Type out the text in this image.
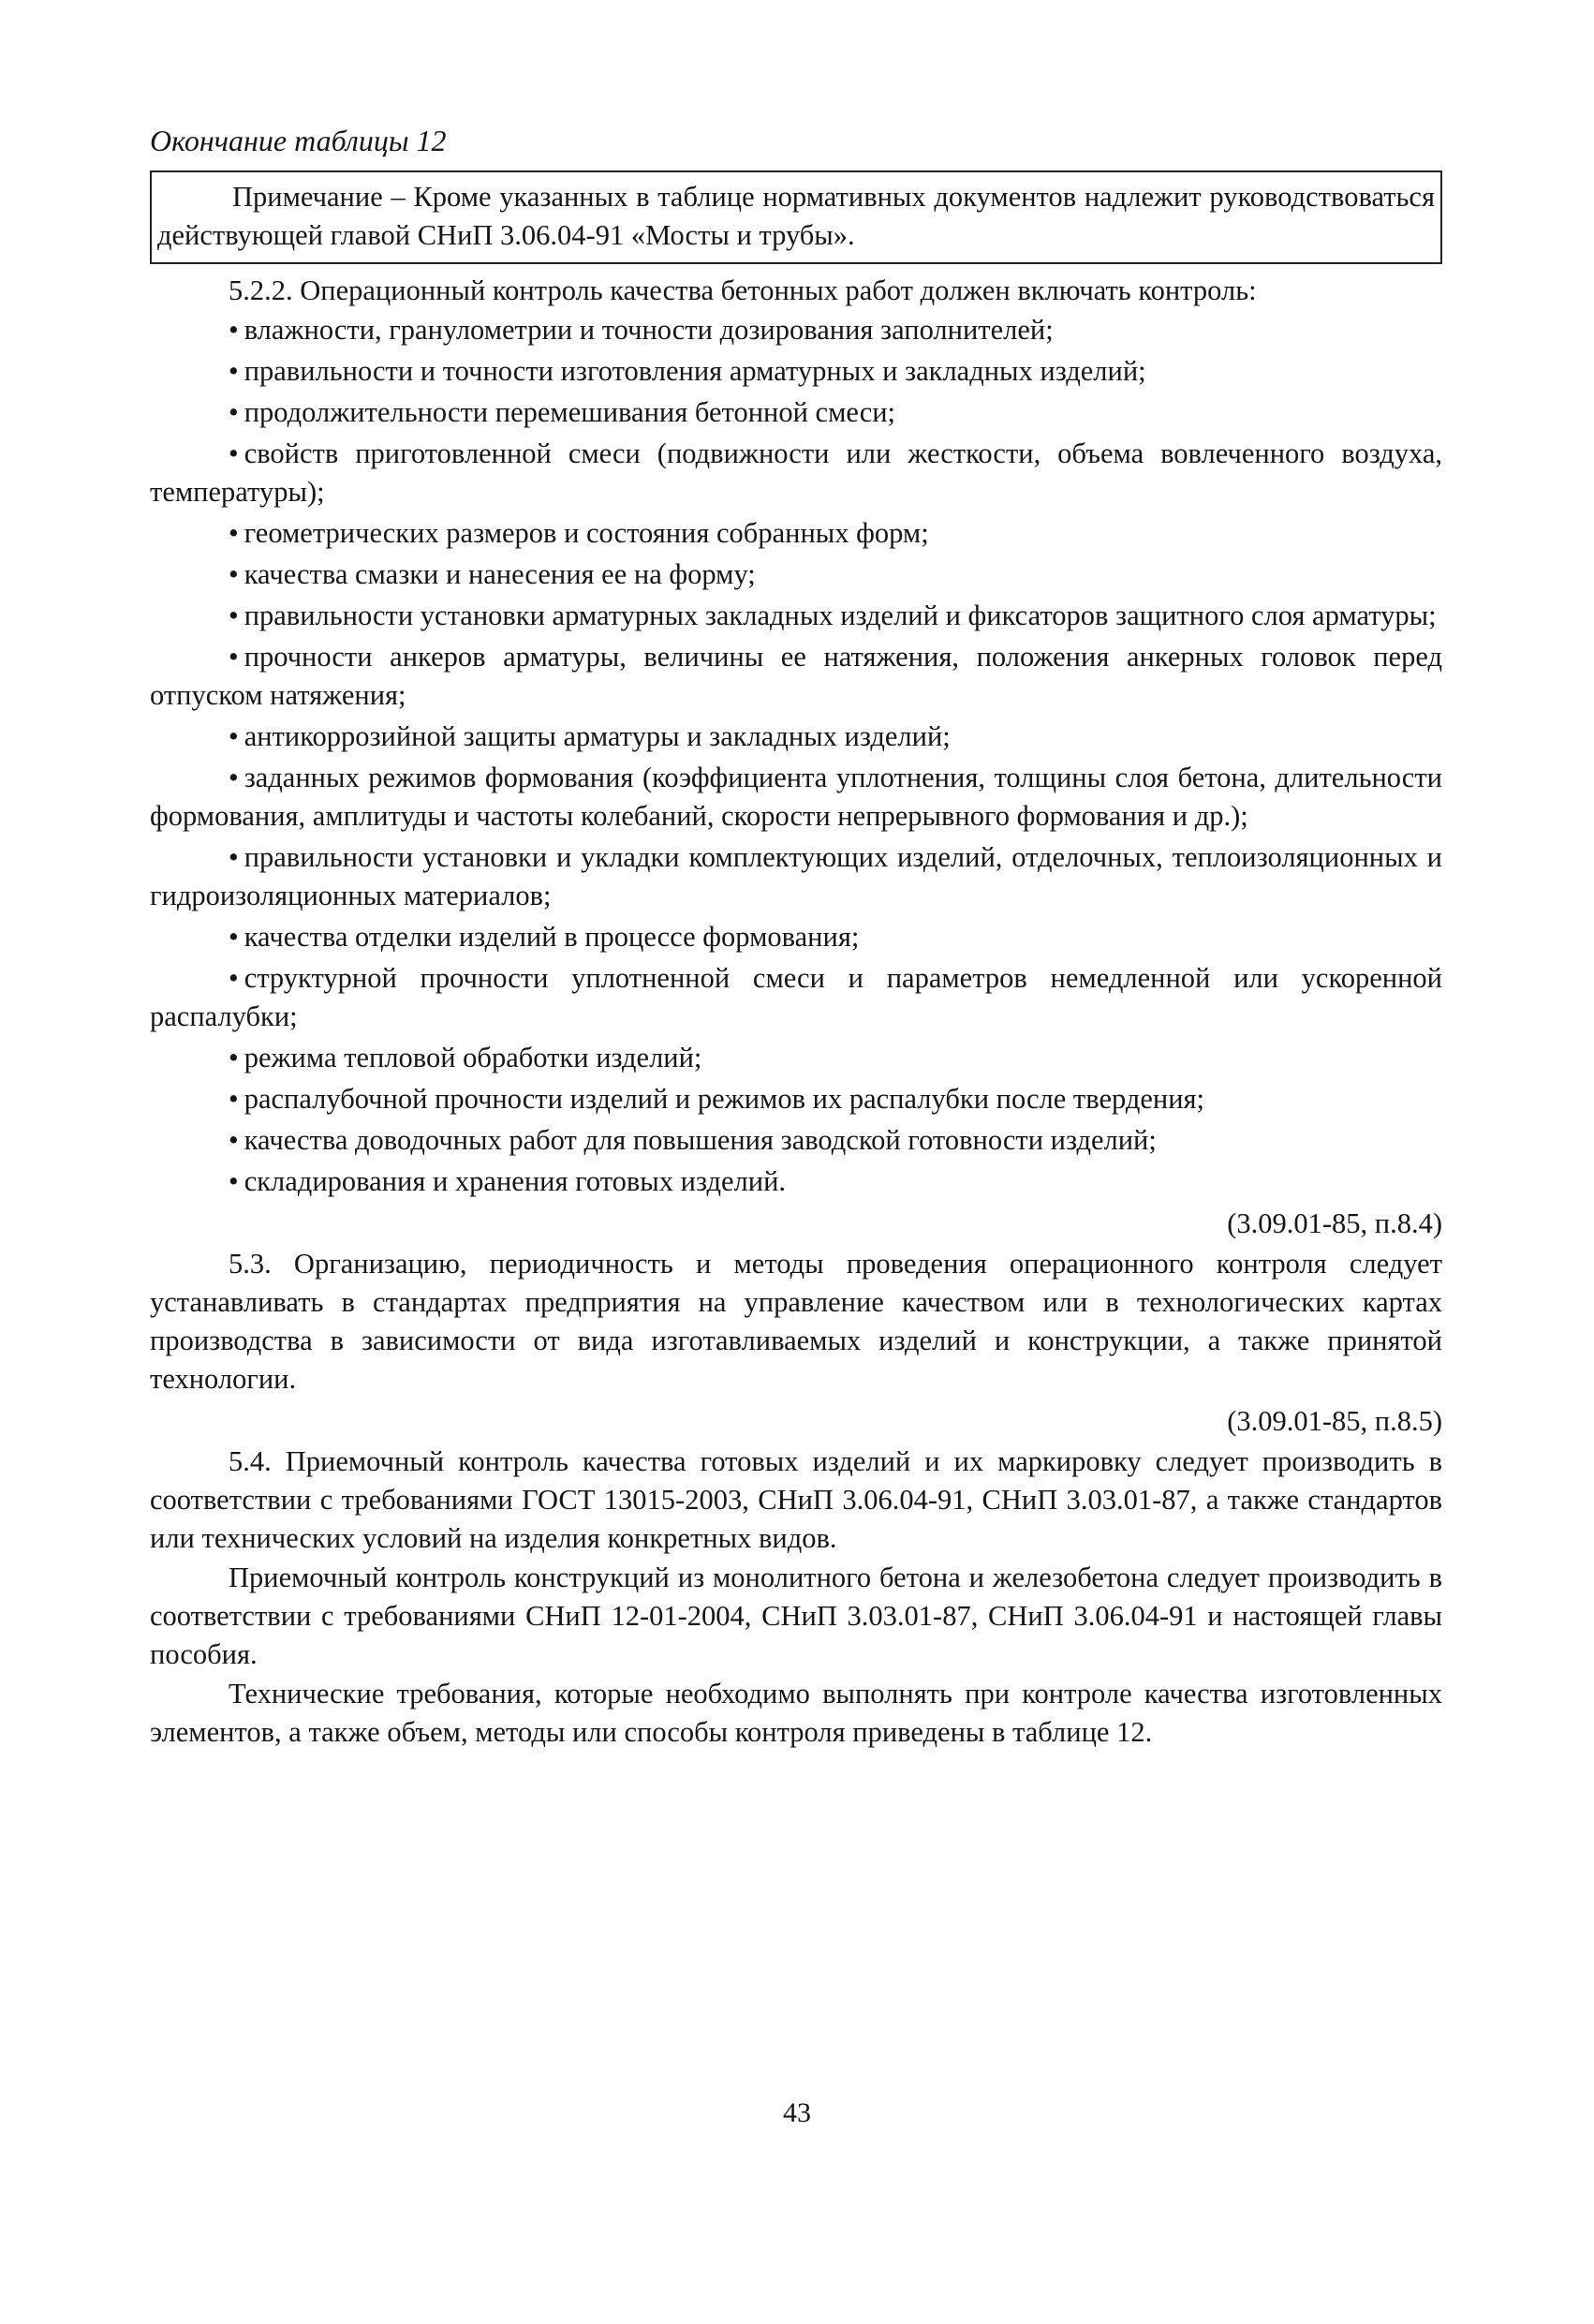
Окончание таблицы 12
Примечание – Кроме указанных в таблице нормативных документов надлежит руководствоваться действующей главой СНиП 3.06.04-91 «Мосты и трубы».

5.2.2. Операционный контроль качества бетонных работ должен включать контроль:

• влажности, гранулометрии и точности дозирования заполнителей;

• правильности и точности изготовления арматурных и закладных изделий;

• продолжительности перемешивания бетонной смеси;

• свойств приготовленной смеси (подвижности или жесткости, объема вовлеченного воздуха, температуры);

• геометрических размеров и состояния собранных форм;

• качества смазки и нанесения ее на форму;

• правильности установки арматурных закладных изделий и фиксаторов защитного слоя арматуры;

• прочности анкеров арматуры, величины ее натяжения, положения анкерных головок перед отпуском натяжения;

• антикоррозийной защиты арматуры и закладных изделий;

• заданных режимов формования (коэффициента уплотнения, толщины слоя бетона, длительности формования, амплитуды и частоты колебаний, скорости непрерывного формования и др.);

• правильности установки и укладки комплектующих изделий, отделочных, теплоизоляционных и гидроизоляционных материалов;

• качества отделки изделий в процессе формования;

• структурной прочности уплотненной смеси и параметров немедленной или ускоренной распалубки;

• режима тепловой обработки изделий;

• распалубочной прочности изделий и режимов их распалубки после твердения;

• качества доводочных работ для повышения заводской готовности изделий;

• складирования и хранения готовых изделий.

(3.09.01-85, п.8.4)

5.3. Организацию, периодичность и методы проведения операционного контроля следует устанавливать в стандартах предприятия на управление качеством или в технологических картах производства в зависимости от вида изготавливаемых изделий и конструкции, а также принятой технологии.

(3.09.01-85, п.8.5)

5.4. Приемочный контроль качества готовых изделий и их маркировку следует производить в соответствии с требованиями ГОСТ 13015-2003, СНиП 3.06.04-91, СНиП 3.03.01-87, а также стандартов или технических условий на изделия конкретных видов.

Приемочный контроль конструкций из монолитного бетона и железобетона следует производить в соответствии с требованиями СНиП 12-01-2004, СНиП 3.03.01-87, СНиП 3.06.04-91 и настоящей главы пособия.

Технические требования, которые необходимо выполнять при контроле качества изготовленных элементов, а также объем, методы или способы контроля приведены в таблице 12.

43
